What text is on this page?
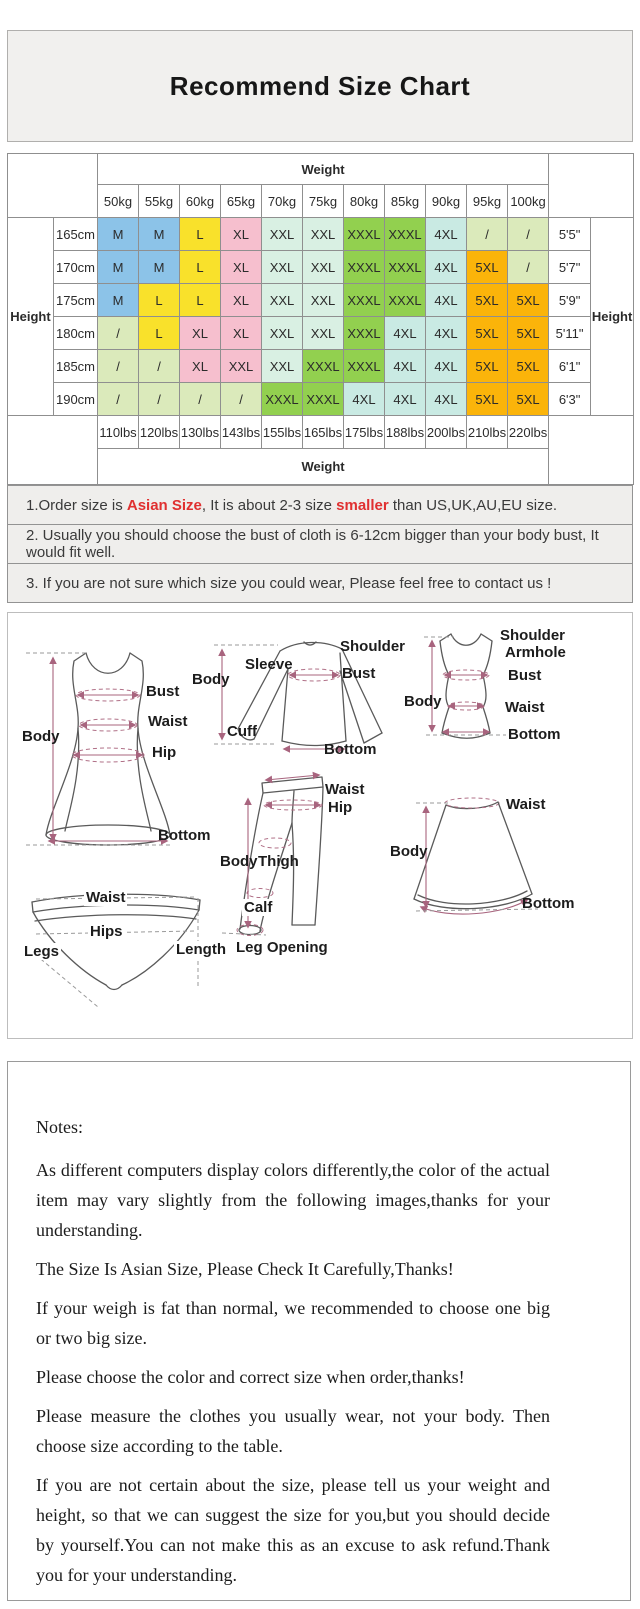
Recommend Size Chart
		Weight												
		50kg	55kg	60kg	65kg	70kg	75kg	80kg	85kg	90kg	95kg	100kg		
Height	165cm	M	M	L	XL	XXL	XXL	XXXL	XXXL	4XL	/	/	5'5"	Height
	170cm	M	M	L	XL	XXL	XXL	XXXL	XXXL	4XL	5XL	/	5'7"	
	175cm	M	L	L	XL	XXL	XXL	XXXL	XXXL	4XL	5XL	5XL	5'9"	
	180cm	/	L	XL	XL	XXL	XXL	XXXL	4XL	4XL	5XL	5XL	5'11"	
	185cm	/	/	XL	XXL	XXL	XXXL	XXXL	4XL	4XL	5XL	5XL	6'1"	
	190cm	/	/	/	/	XXXL	XXXL	4XL	4XL	4XL	5XL	5XL	6'3"	
		110lbs	120lbs	130lbs	143lbs	155lbs	165lbs	175lbs	188lbs	200lbs	210lbs	220lbs		
		Weight												
1.Order size is Asian Size, It is about 2-3 size smaller than US,UK,AU,EU size.
2. Usually you should choose the bust of cloth is 6-12cm bigger than your body bust, It would fit well.
3. If you are not sure which size you could wear, Please feel free to contact us !
Body
Bust
Waist
Hip
Bottom
Shoulder
Sleeve
Body	Bust
Cuff
Bottom
Shoulder
Armhole
Body
Bust
Waist
Bottom
Waist
Hip
Body Thigh
Calf
Leg Opening
Waist
Body
Bottom
Waist
Hips
Legs	Length

Notes:

As different computers display colors differently,the color of the actual item may vary slightly from the following images,thanks for your understanding.

The Size Is Asian Size, Please Check It Carefully,Thanks!

If your weigh is fat than normal, we recommended to choose one big or two big size.

Please choose the color and correct size when order,thanks!

Please measure the clothes you usually wear, not your body. Then choose size according to the table.

If you are not certain about the size, please tell us your weight and height, so that we can suggest the size for you,but you should decide by yourself.You can not make this as an excuse to ask refund.Thank you for your understanding.
